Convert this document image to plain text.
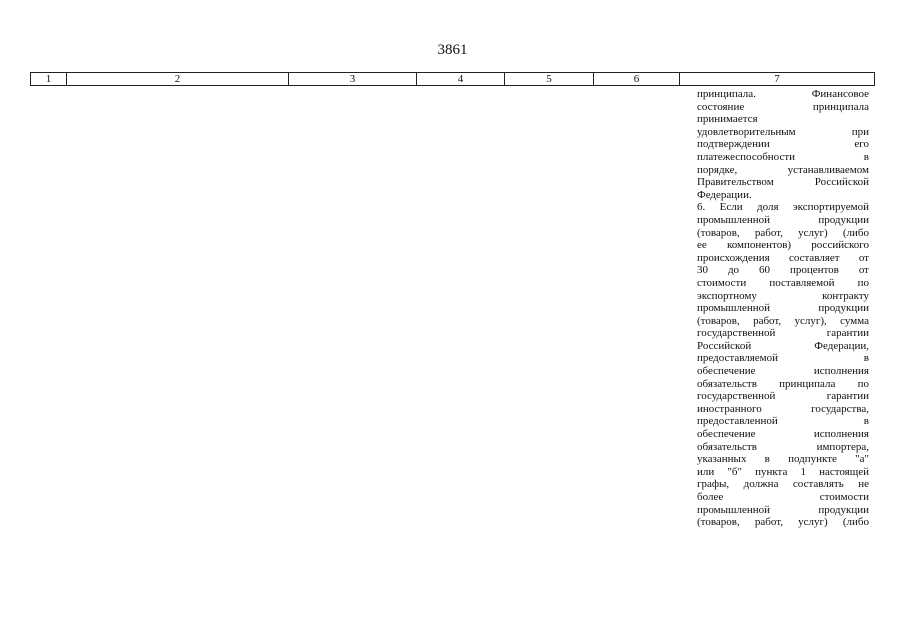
3861
1	2	3	4	5	6	7
принципала.	Финансовое
состояние	принципала
принимается
удовлетворительным	при
подтверждении	его
платежеспособности	в
порядке,	устанавливаемом
Правительством	Российской
Федерации.
6. Если доля экспортируемой
промышленной	продукции
(товаров, работ, услуг) (либо
ее компонентов) российского
происхождения составляет от
30 до 60 процентов от
стоимости поставляемой по
экспортному	контракту
промышленной	продукции
(товаров, работ, услуг), сумма
государственной	гарантии
Российской	Федерации,
предоставляемой	в
обеспечение	исполнения
обязательств принципала по
государственной	гарантии
иностранного	государства,
предоставленной	в
обеспечение	исполнения
обязательств	импортера,
указанных в подпункте "а"
или "б" пункта 1 настоящей
графы, должна составлять не
более	стоимости
промышленной	продукции
(товаров, работ, услуг) (либо
